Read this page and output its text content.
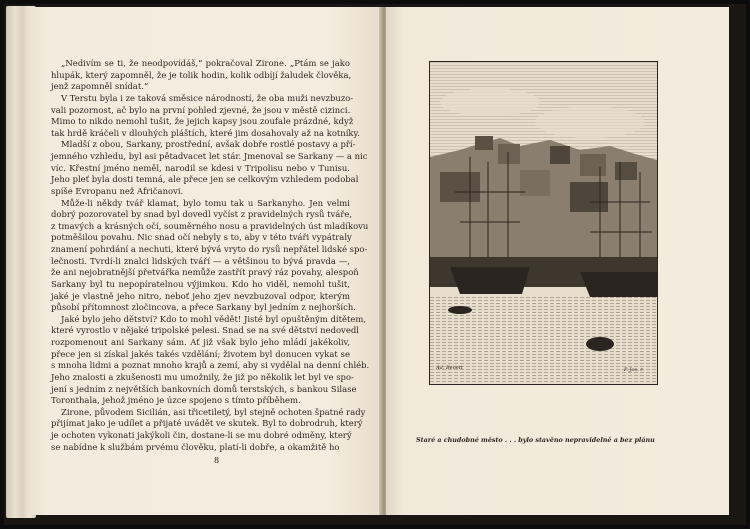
„Nedivím se ti, že neodpovídáš,“ pokračoval Zirone. „Ptám se jako
hlupák, který zapomněl, že je tolik hodin, kolik odbíjí žaludek člověka,
jenž zapomněl snídat.“
V Terstu byla i ze taková směsice národností, že oba muži nevzbuzo-
vali pozornost, ač bylo na první pohled zjevné, že jsou v městě cizinci.
Mimo to nikdo nemohl tušit, že jejich kapsy jsou zoufale prázdné, když
tak hrdě kráčeli v dlouhých pláštích, které jim dosahovaly až na kotníky.
Mladší z obou, Sarkany, prostřední, avšak dobře rostlé postavy a pří-
jemného vzhledu, byl asi pětadvacet let stár. Jmenoval se Sarkany — a nic
víc. Křestní jméno neměl, narodil se kdesi v Tripolisu nebo v Tunisu.
Jeho pleť byla dosti temná, ale přece jen se celkovým vzhledem podobal
spíše Evropanu než Afričanovi.
Může-li někdy tvář klamat, bylo tomu tak u Sarkanyho. Jen velmi
dobrý pozorovatel by snad byl dovedl vyčíst z pravidelných rysů tváře,
z tmavých a krásných očí, souměrného nosu a pravidelných úst mladíkovu
potměšilou povahu. Nic snad očí nebyly s to, aby v této tváři vypátraly
znamení pohrdání a nechuti, které bývá vryto do rysů nepřátel lidské spo-
lečnosti. Tvrdí-li znalci lidských tváří — a většinou to bývá pravda —,
že ani nejobratnější přetvářka nemůže zastřít pravý ráz povahy, alespoň
Sarkany byl tu nepopíratelnou výjimkou. Kdo ho viděl, nemohl tušit,
jaké je vlastně jeho nitro, neboť jeho zjev nevzbuzoval odpor, kterým
působí přítomnost zločincova, a přece Sarkany byl jedním z nejhorších.
Jaké bylo jeho dětství? Kdo to mohl vědět! Jisté byl opuštěným dítětem,
které vyrostlo v nějaké tripolské pelesi. Snad se na své dětství nedovedl
rozpomenout ani Sarkany sám. Ať již však bylo jeho mládí jakékoliv,
přece jen si získal jakés takés vzdělání; životem byl donucen vykat se
s mnoha lidmi a poznat mnoho krajů a zemí, aby si vydělal na denní chléb.
Jeho znalosti a zkušenosti mu umožnily, že již po několik let byl ve spo-
jení s jedním z největších bankovních domů terstských, s bankou Silase
Toronthala, jehož jméno je úzce spojeno s tímto příběhem.
Zirone, původem Sicilián, asi třicetiletý, byl stejně ochoten špatné rady
přijímat jako je udílet a přijaté uvádět ve skutek. Byl to dobrodruh, který
je ochoten vykonati jakýkoli čin, dostane-li se mu dobré odměny, který
se nabídne k službám prvému člověku, platí-li dobře, a okamžitě ho
8
Ad. Benett	P. Jos. r.
Staré a chudobné město . . . bylo stavěno nepravidelně a bez plánu
